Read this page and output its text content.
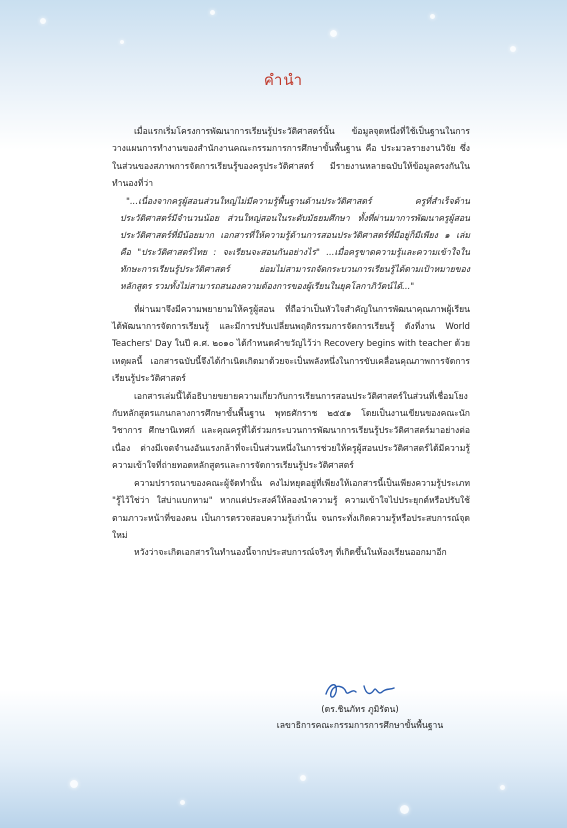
คำนำ

เมื่อแรกเริ่มโครงการพัฒนาการเรียนรู้ประวัติศาสตร์นั้น ข้อมูลจุดหนึ่งที่ใช้เป็นฐานในการวางแผนการทำงานของสำนักงานคณะกรรมการการศึกษาขั้นพื้นฐาน คือ ประมวลรายงานวิจัย ซึ่งในส่วนของสภาพการจัดการเรียนรู้ของครูประวัติศาสตร์ มีรายงานหลายฉบับให้ข้อมูลตรงกันในทำนองที่ว่า

"...เนื่องจากครูผู้สอนส่วนใหญ่ไม่มีความรู้พื้นฐานด้านประวัติศาสตร์ ครูที่สำเร็จด้านประวัติศาสตร์มีจำนวนน้อย ส่วนใหญ่สอนในระดับมัธยมศึกษา ทั้งที่ผ่านมาการพัฒนาครูผู้สอนประวัติศาสตร์ที่มีน้อยมาก เอกสารที่ให้ความรู้ด้านการสอนประวัติศาสตร์ที่มีอยู่ก็มีเพียง ๑ เล่ม คือ "ประวัติศาสตร์ไทย : จะเรียนจะสอนกันอย่างไร" ...เมื่อครูขาดความรู้และความเข้าใจในทักษะการเรียนรู้ประวัติศาสตร์ ย่อมไม่สามารถจัดกระบวนการเรียนรู้ได้ตามเป้าหมายของหลักสูตร รวมทั้งไม่สามารถสนองความต้องการของผู้เรียนในยุคโลกาภิวัตน์ได้..."

ที่ผ่านมาจึงมีความพยายามให้ครูผู้สอน ที่ถือว่าเป็นหัวใจสำคัญในการพัฒนาคุณภาพผู้เรียน ได้พัฒนาการจัดการเรียนรู้ และมีการปรับเปลี่ยนพฤติกรรมการจัดการเรียนรู้ ดังที่งาน World Teachers' Day ในปี ค.ศ. ๒๐๑๐ ได้กำหนดคำขวัญไว้ว่า Recovery begins with teacher ด้วยเหตุผลนี้ เอกสารฉบับนี้จึงได้กำเนิดเกิดมาด้วยจะเป็นพลังหนึ่งในการขับเคลื่อนคุณภาพการจัดการเรียนรู้ประวัติศาสตร์

เอกสารเล่มนี้ได้อธิบายขยายความเกี่ยวกับการเรียนการสอนประวัติศาสตร์ในส่วนที่เชื่อมโยงกับหลักสูตรแกนกลางการศึกษาขั้นพื้นฐาน พุทธศักราช ๒๕๕๑ โดยเป็นงานเขียนของคณะนักวิชาการ ศึกษานิเทศก์ และคุณครูที่ได้ร่วมกระบวนการพัฒนาการเรียนรู้ประวัติศาสตร์มาอย่างต่อเนื่อง ต่างมีเจตจำนงอันแรงกล้าที่จะเป็นส่วนหนึ่งในการช่วยให้ครูผู้สอนประวัติศาสตร์ได้มีความรู้ ความเข้าใจที่ถ่ายทอดหลักสูตรและการจัดการเรียนรู้ประวัติศาสตร์

ความปรารถนาของคณะผู้จัดทำนั้น คงไม่หยุดอยู่ที่เพียงให้เอกสารนี้เป็นเพียงความรู้ประเภท "รู้ไว้ใช่ว่า ใส่บ่าแบกหาม" หากแต่ประสงค์ให้ลองนำความรู้ ความเข้าใจไปประยุกต์หรือปรับใช้ตามภาวะหน้าที่ของตน เป็นการตรวจสอบความรู้เก่านั้น จนกระทั่งเกิดความรู้หรือประสบการณ์จุดใหม่

หวังว่าจะเกิดเอกสารในทำนองนี้จากประสบการณ์จริงๆ ที่เกิดขึ้นในห้องเรียนออกมาอีก

(ดร.ชินภัทร ภูมิรัตน)
เลขาธิการคณะกรรมการการศึกษาขั้นพื้นฐาน
